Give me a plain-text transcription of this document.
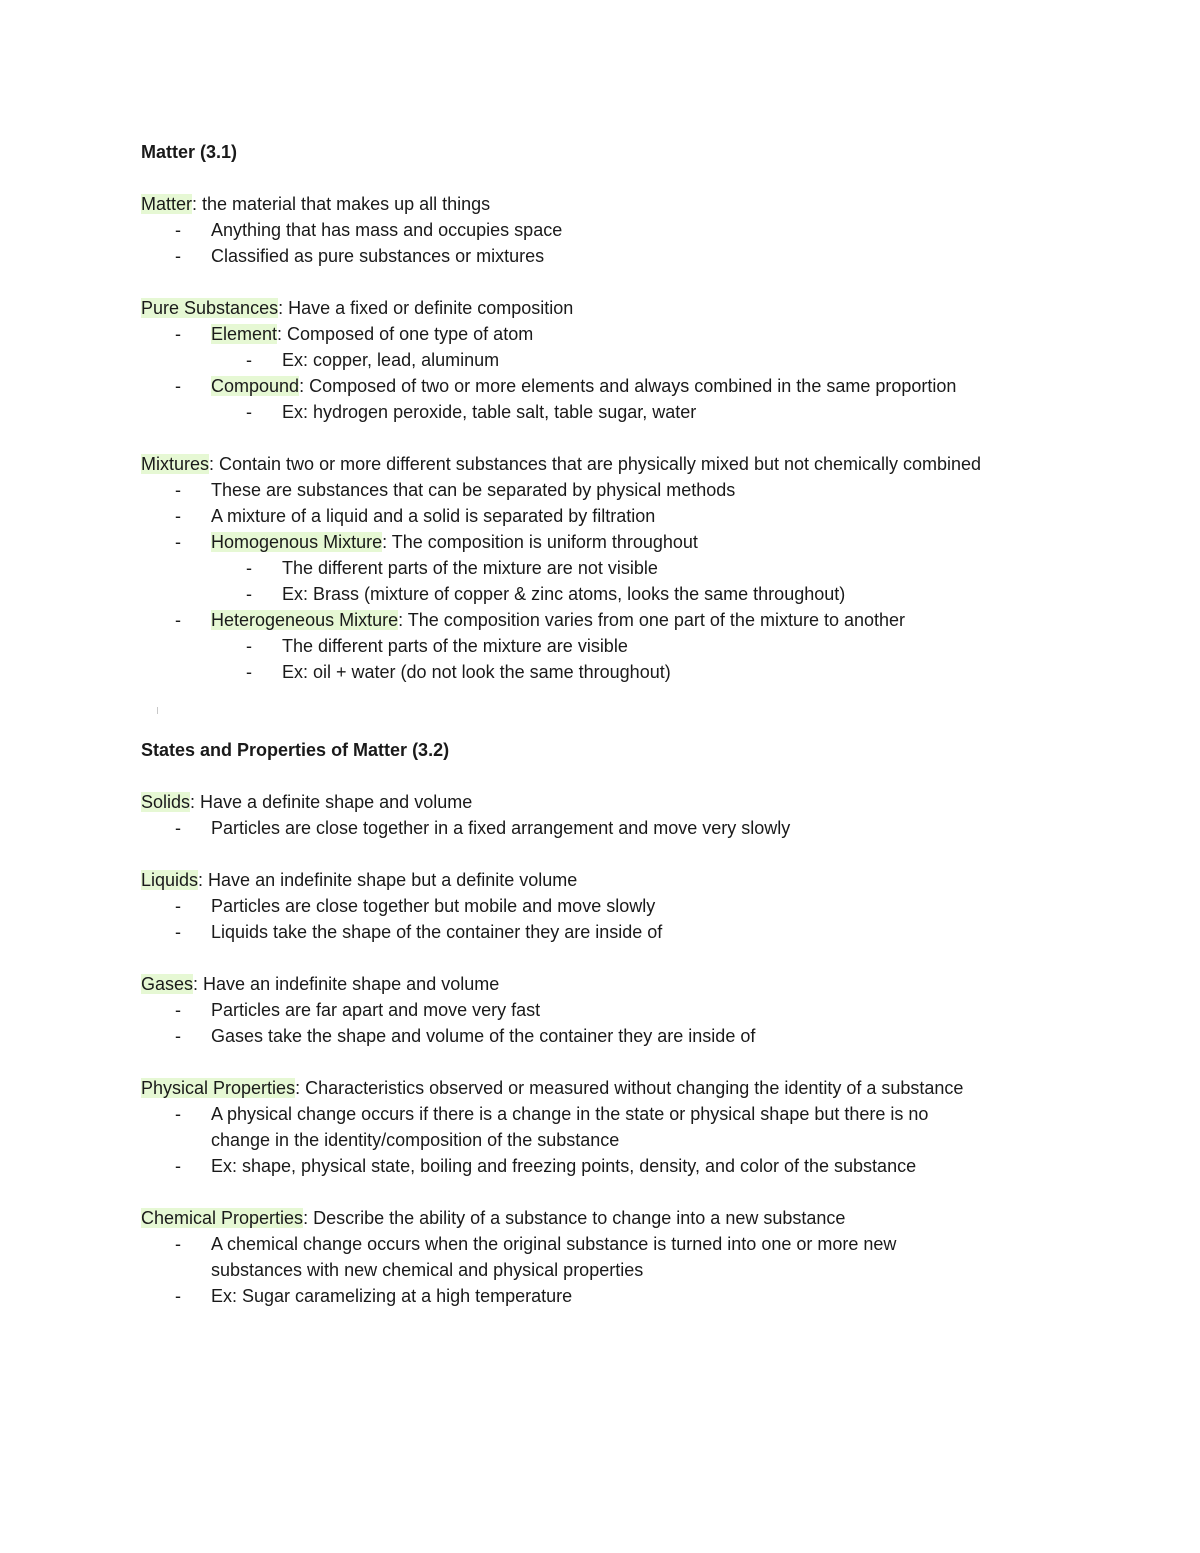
Matter (3.1)
Matter: the material that makes up all things
-	Anything that has mass and occupies space
-	Classified as pure substances or mixtures
Pure Substances: Have a fixed or definite composition
-	Element: Composed of one type of atom
-	Ex: copper, lead, aluminum
-	Compound: Composed of two or more elements and always combined in the same proportion
-	Ex: hydrogen peroxide, table salt, table sugar, water
Mixtures: Contain two or more different substances that are physically mixed but not chemically combined
-	These are substances that can be separated by physical methods
-	A mixture of a liquid and a solid is separated by filtration
-	Homogenous Mixture: The composition is uniform throughout
-	The different parts of the mixture are not visible
-	Ex: Brass (mixture of copper & zinc atoms, looks the same throughout)
-	Heterogeneous Mixture: The composition varies from one part of the mixture to another
-	The different parts of the mixture are visible
-	Ex: oil + water (do not look the same throughout)
States and Properties of Matter (3.2)
Solids: Have a definite shape and volume
-	Particles are close together in a fixed arrangement and move very slowly
Liquids: Have an indefinite shape but a definite volume
-	Particles are close together but mobile and move slowly
-	Liquids take the shape of the container they are inside of
Gases: Have an indefinite shape and volume
-	Particles are far apart and move very fast
-	Gases take the shape and volume of the container they are inside of
Physical Properties: Characteristics observed or measured without changing the identity of a substance
-	A physical change occurs if there is a change in the state or physical shape but there is no
change in the identity/composition of the substance
-	Ex: shape, physical state, boiling and freezing points, density, and color of the substance
Chemical Properties: Describe the ability of a substance to change into a new substance
-	A chemical change occurs when the original substance is turned into one or more new
substances with new chemical and physical properties
-	Ex: Sugar caramelizing at a high temperature
